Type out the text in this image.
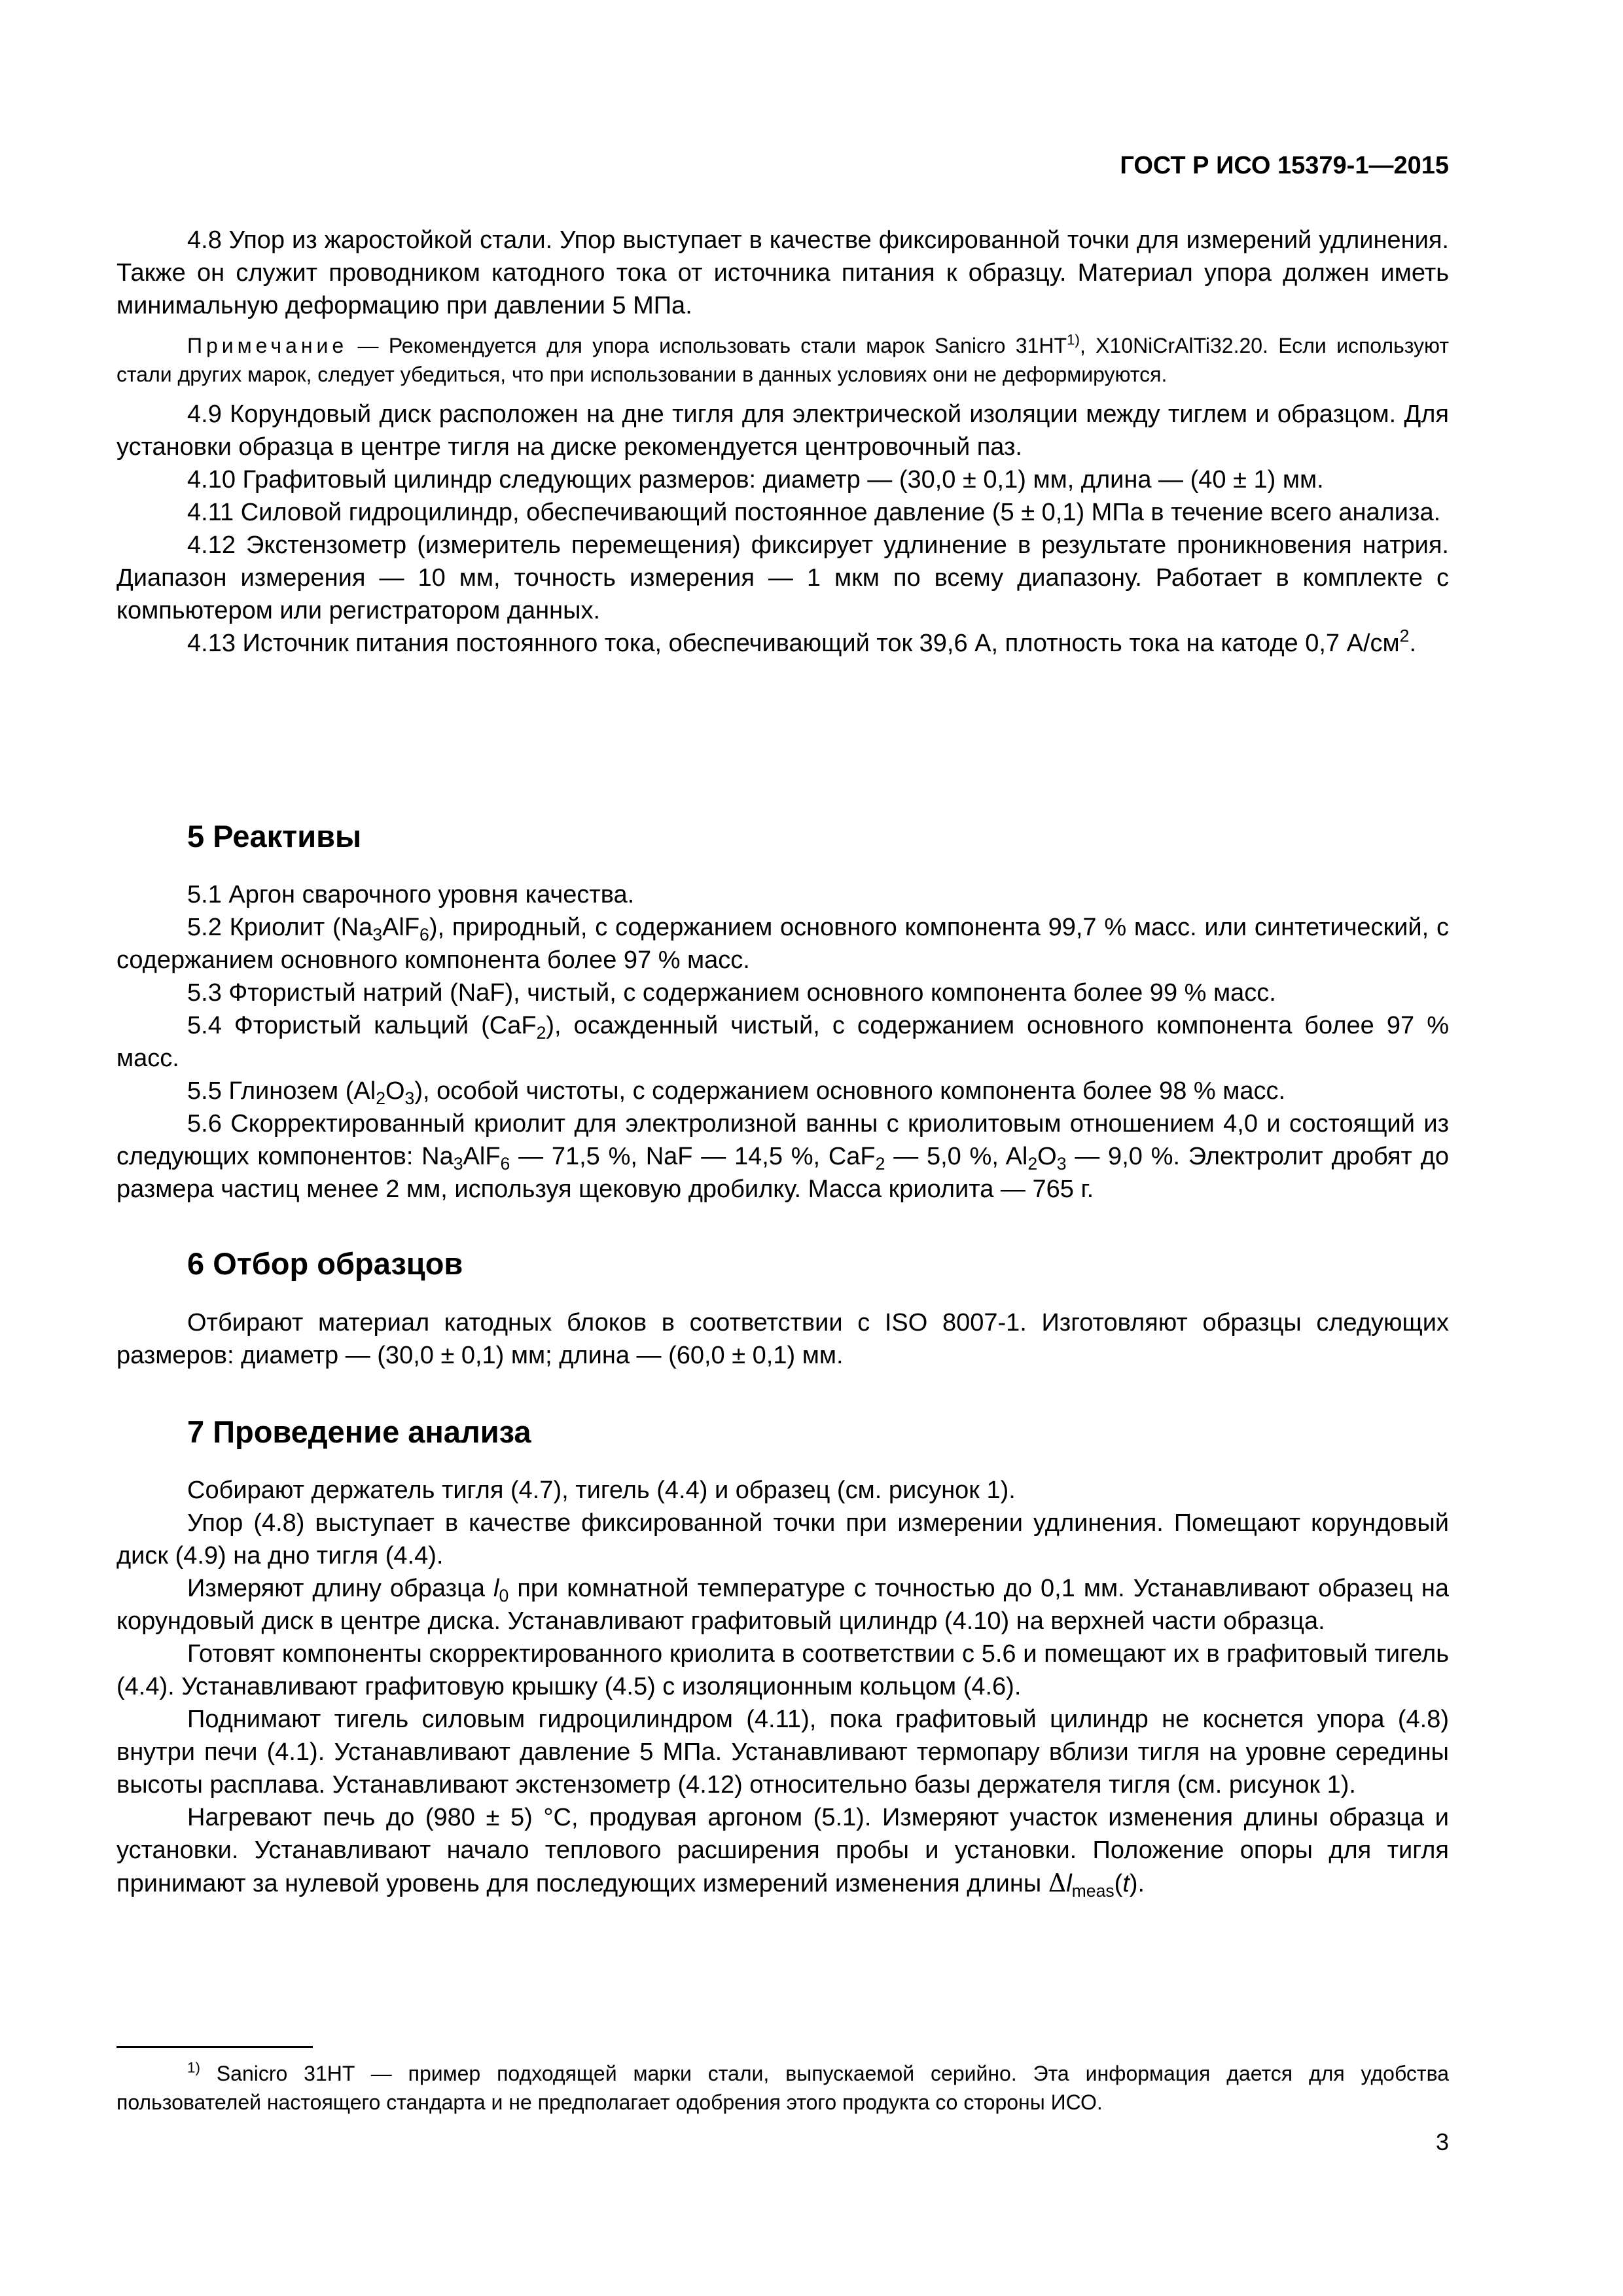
ГОСТ Р ИСО 15379-1—2015

4.8 Упор из жаростойкой стали. Упор выступает в качестве фиксированной точки для измерений удлинения. Также он служит проводником катодного тока от источника питания к образцу. Материал упора должен иметь минимальную деформацию при давлении 5 МПа.

Примечание — Рекомендуется для упора использовать стали марок Sanicro 31HT$^{1)}$, X10NiCrAlTi32.20. Если используют стали других марок, следует убедиться, что при использовании в данных условиях они не деформируются.

4.9 Корундовый диск расположен на дне тигля для электрической изоляции между тиглем и образцом. Для установки образца в центре тигля на диске рекомендуется центровочный паз.

4.10 Графитовый цилиндр следующих размеров: диаметр — (30,0 ± 0,1) мм, длина — (40 ± 1) мм.

4.11 Силовой гидроцилиндр, обеспечивающий постоянное давление (5 ± 0,1) МПа в течение всего анализа.

4.12 Экстензометр (измеритель перемещения) фиксирует удлинение в результате проникновения натрия. Диапазон измерения — 10 мм, точность измерения — 1 мкм по всему диапазону. Работает в комплекте с компьютером или регистратором данных.

4.13 Источник питания постоянного тока, обеспечивающий ток 39,6 А, плотность тока на катоде 0,7 $А/см^2$.

5 Реактивы

5.1 Аргон сварочного уровня качества.

5.2 Криолит $(Na_3AlF_6)$, природный, с содержанием основного компонента 99,7 % масс. или синтетический, с содержанием основного компонента более 97 % масс.

5.3 Фтористый натрий (NaF), чистый, с содержанием основного компонента более 99 % масс.

5.4 Фтористый кальций (CaF$_2$), осажденный чистый, с содержанием основного компонента более 97 % масс.

5.5 Глинозем $(Al_2O_3)$, особой чистоты, с содержанием основного компонента более 98 % масс.

5.6 Скорректированный криолит для электролизной ванны с криолитовым отношением 4,0 и состоящий из следующих компонентов: $Na_3AlF_6$ — 71,5 %, NaF — 14,5 %, CaF$_2$ — 5,0 %, $Al_2O_3$ — 9,0 %. Электролит дробят до размера частиц менее 2 мм, используя щековую дробилку. Масса криолита — 765 г.

6 Отбор образцов

Отбирают материал катодных блоков в соответствии с ISO 8007-1. Изготовляют образцы следующих размеров: диаметр — (30,0 ± 0,1) мм; длина — (60,0 ± 0,1) мм.

7 Проведение анализа

Собирают держатель тигля (4.7), тигель (4.4) и образец (см. рисунок 1).

Упор (4.8) выступает в качестве фиксированной точки при измерении удлинения. Помещают корундовый диск (4.9) на дно тигля (4.4).

Измеряют длину образца $l_0$ при комнатной температуре с точностью до 0,1 мм. Устанавливают образец на корундовый диск в центре диска. Устанавливают графитовый цилиндр (4.10) на верхней части образца.

Готовят компоненты скорректированного криолита в соответствии с 5.6 и помещают их в графитовый тигель (4.4). Устанавливают графитовую крышку (4.5) с изоляционным кольцом (4.6).

Поднимают тигель силовым гидроцилиндром (4.11), пока графитовый цилиндр не коснется упора (4.8) внутри печи (4.1). Устанавливают давление 5 МПа. Устанавливают термопару вблизи тигля на уровне середины высоты расплава. Устанавливают экстензометр (4.12) относительно базы держателя тигля (см. рисунок 1).

Нагревают печь до (980 ± 5) °C, продувая аргоном (5.1). Измеряют участок изменения длины образца и установки. Устанавливают начало теплового расширения пробы и установки. Положение опоры для тигля принимают за нулевой уровень для последующих измерений изменения длины $\Delta l_{meas}(t)$.

$^{1)}$ Sanicro 31HT — пример подходящей марки стали, выпускаемой серийно. Эта информация дается для удобства пользователей настоящего стандарта и не предполагает одобрения этого продукта со стороны ИСО.

3
